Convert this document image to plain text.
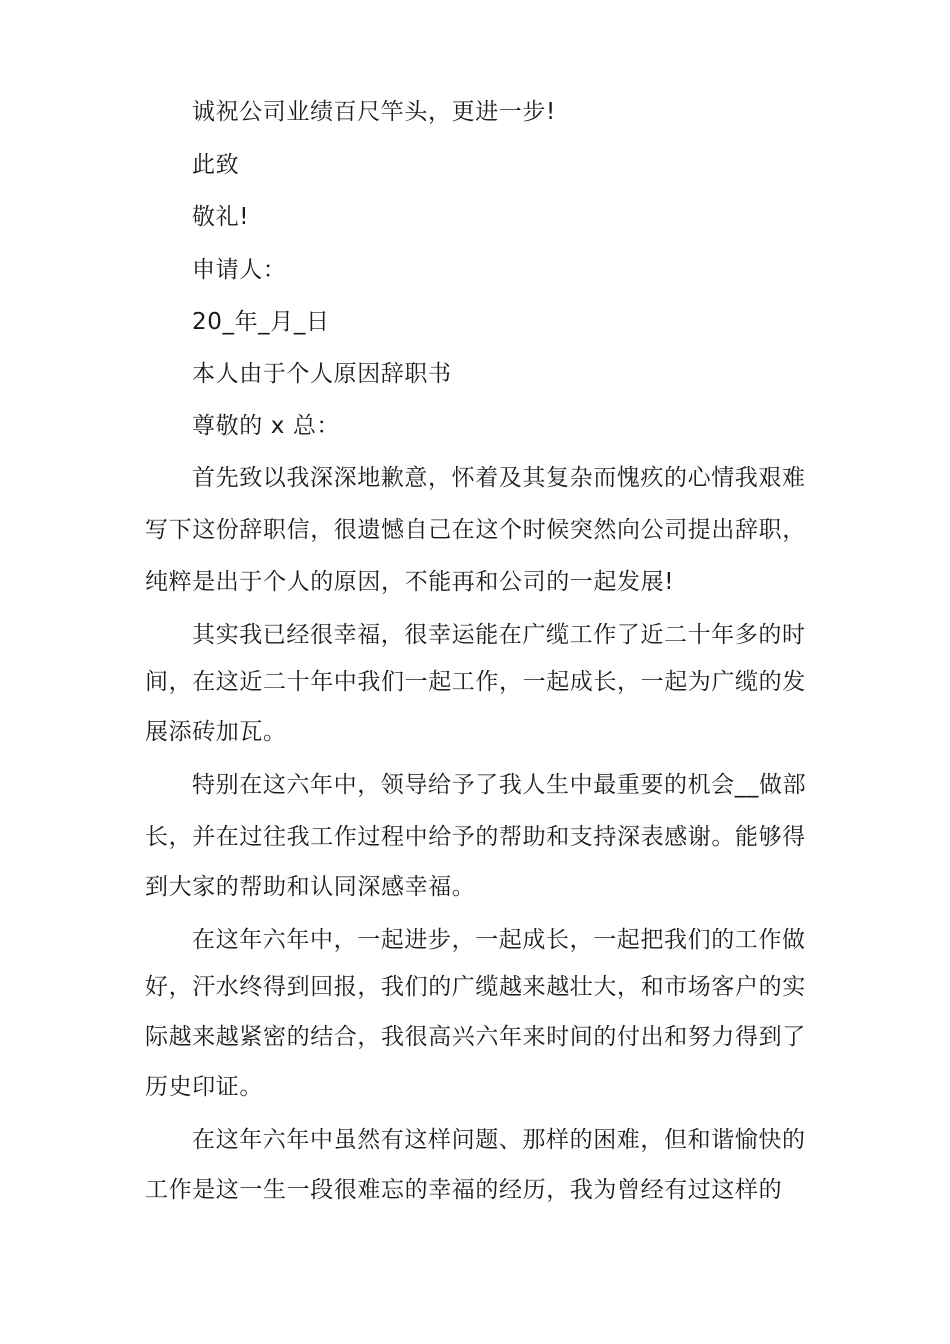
诚祝公司业绩百尺竿头，更进一步!

此致

敬礼!

申请人：

20_年_月_日

本人由于个人原因辞职书

尊敬的 x 总：

首先致以我深深地歉意，怀着及其复杂而愧疚的心情我艰难

写下这份辞职信，很遗憾自己在这个时候突然向公司提出辞职，

纯粹是出于个人的原因，不能再和公司的一起发展!

其实我已经很幸福，很幸运能在广缆工作了近二十年多的时

间，在这近二十年中我们一起工作，一起成长，一起为广缆的发

展添砖加瓦。

特别在这六年中，领导给予了我人生中最重要的机会__做部

长，并在过往我工作过程中给予的帮助和支持深表感谢。能够得

到大家的帮助和认同深感幸福。

在这年六年中，一起进步，一起成长，一起把我们的工作做

好，汗水终得到回报，我们的广缆越来越壮大，和市场客户的实

际越来越紧密的结合，我很高兴六年来时间的付出和努力得到了

历史印证。

在这年六年中虽然有这样问题、那样的困难，但和谐愉快的

工作是这一生一段很难忘的幸福的经历，我为曾经有过这样的
